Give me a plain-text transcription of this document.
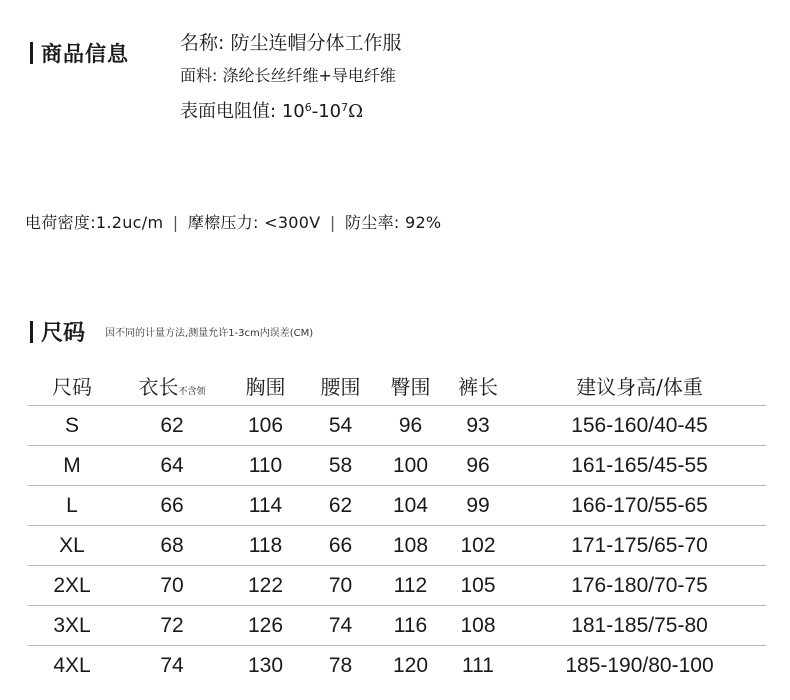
商品信息	名称: 防尘连帽分体工作服
面料: 涤纶长丝纤维+导电纤维
表面电阻值: $10^6-10^7\Omega$
电荷密度:1.2uc/m | 摩檫压力: <300V | 防尘率: 92%
尺码 因不同的计量方法,测量允许1-3cm内误差(CM)
尺码	衣长不含领	胸围	腰围	臀围	裤长	建议身高/体重
S	62	106	54	96	93	156-160/40-45
M	64	110	58	100	96	161-165/45-55
L	66	114	62	104	99	166-170/55-65
XL	68	118	66	108	102	171-175/65-70
2XL	70	122	70	112	105	176-180/70-75
3XL	72	126	74	116	108	181-185/75-80
4XL	74	130	78	120	111	185-190/80-100
